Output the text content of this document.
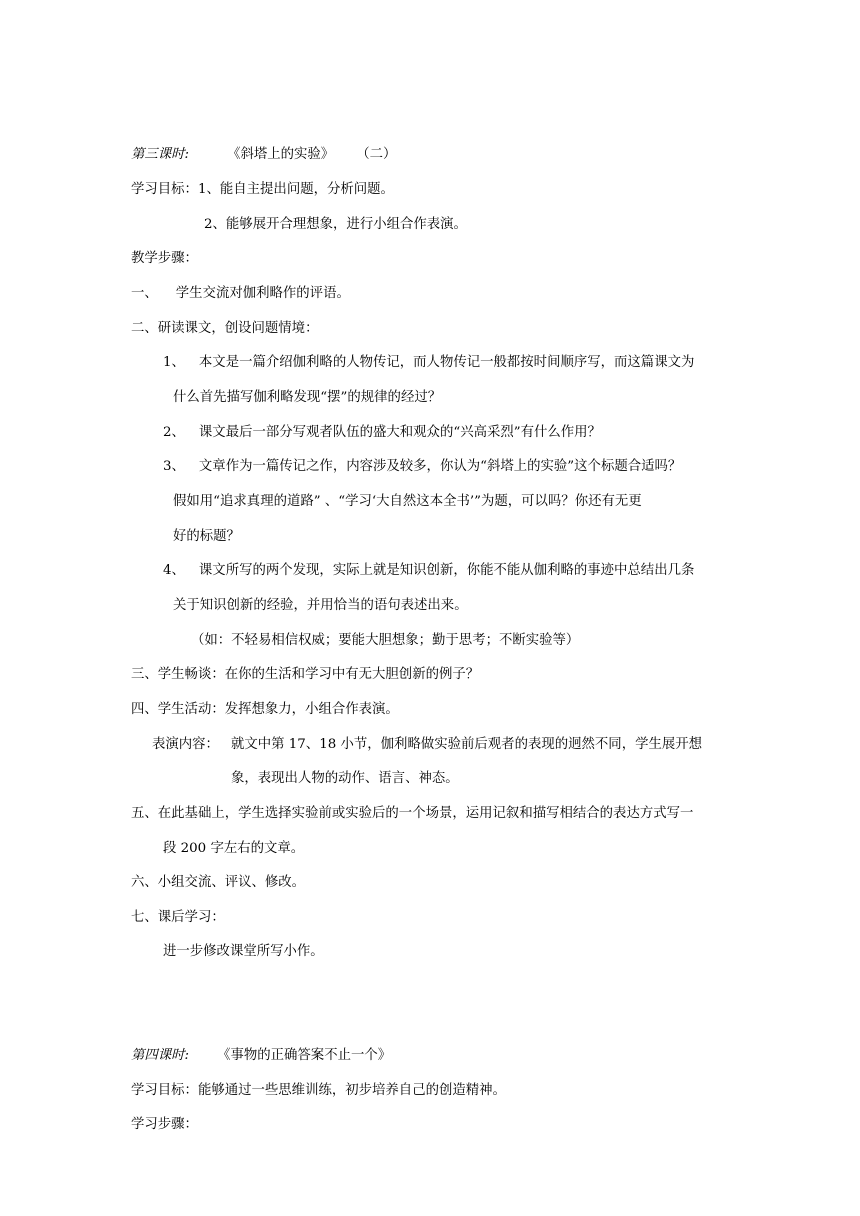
第三课时:	《斜塔上的实验》 （二）
学习目标：1、能自主提出问题，分析问题。
2、能够展开合理想象，进行小组合作表演。
教学步骤：
一、 学生交流对伽利略作的评语。
二、研读课文，创设问题情境：
1、 本文是一篇介绍伽利略的人物传记，而人物传记一般都按时间顺序写，而这篇课文为
什么首先描写伽利略发现“摆”的规律的经过？
2、 课文最后一部分写观者队伍的盛大和观众的“兴高采烈”有什么作用？
3、 文章作为一篇传记之作，内容涉及较多，你认为“斜塔上的实验”这个标题合适吗？
假如用“追求真理的道路” 、“学习‘大自然这本全书’”为题，可以吗？你还有无更
好的标题？
4、 课文所写的两个发现，实际上就是知识创新，你能不能从伽利略的事迹中总结出几条
关于知识创新的经验，并用恰当的语句表述出来。
（如：不轻易相信权威；要能大胆想象；勤于思考；不断实验等）
三、学生畅谈：在你的生活和学习中有无大胆创新的例子？
四、学生活动：发挥想象力，小组合作表演。
表演内容： 就文中第 17、18 小节，伽利略做实验前后观者的表现的迥然不同，学生展开想
象，表现出人物的动作、语言、神态。
五、在此基础上，学生选择实验前或实验后的一个场景，运用记叙和描写相结合的表达方式写一
段 200 字左右的文章。
六、小组交流、评议、修改。
七、课后学习：
进一步修改课堂所写小作。
第四课时: 《事物的正确答案不止一个》
学习目标：能够通过一些思维训练，初步培养自己的创造精神。
学习步骤：
